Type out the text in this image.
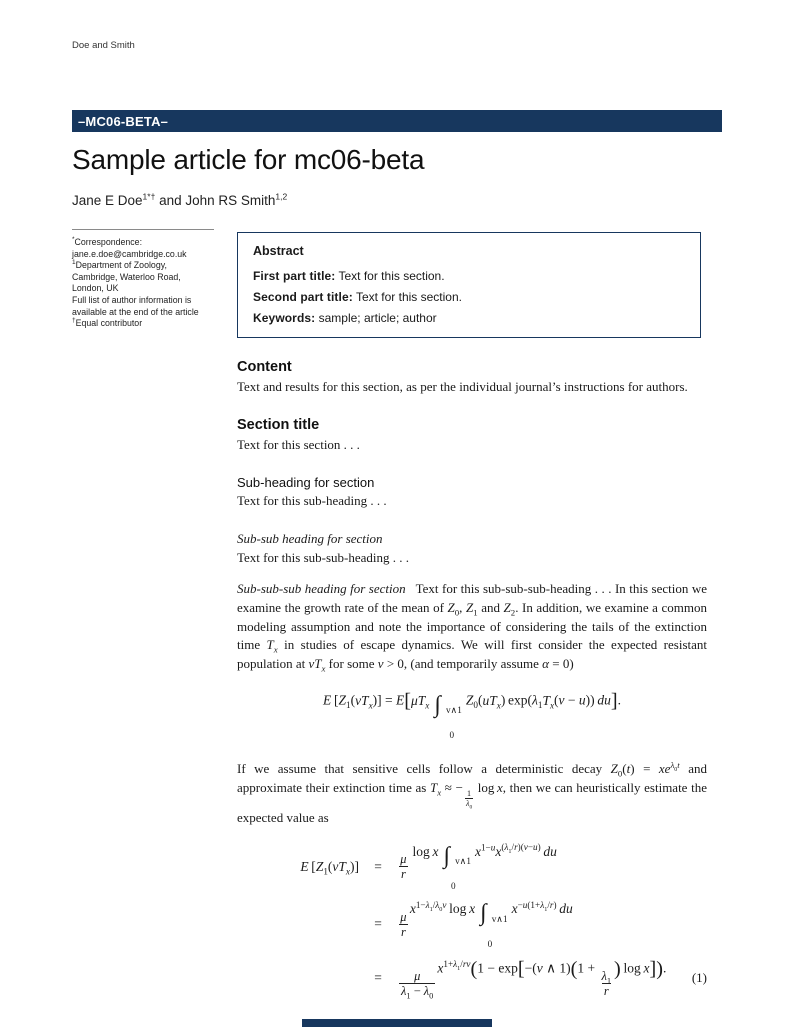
Doe and Smith
–MC06-BETA–
Sample article for mc06-beta
Jane E Doe$^{1*\dagger}$ and John RS Smith$^{1,2}$
*Correspondence:
jane.e.doe@cambridge.co.uk
$^1$Department of Zoology,
Cambridge, Waterloo Road,
London, UK
Full list of author information is
available at the end of the article
†Equal contributor
Abstract
First part title: Text for this section.
Second part title: Text for this section.
Keywords: sample; article; author
Content

Text and results for this section, as per the individual journal’s instructions for authors.

Section title

Text for this section . . .

Sub-heading for section

Text for this sub-heading . . .

Sub-sub heading for section

Text for this sub-sub-heading . . .

Sub-sub-sub heading for section Text for this sub-sub-sub-heading . . . In this section we examine the growth rate of the mean of $Z_0$, $Z_1$ and $Z_2$. In addition, we examine a common modeling assumption and note the importance of considering the tails of the extinction time $T_x$ in studies of escape dynamics. We will first consider the expected resistant population at $vT_x$ for some v > 0, (and temporarily assume α = 0)

E $[Z_1(vT_x)] = E[\mu T_x$ ∫ v∧1
0
$Z_0(uT_x) \exp(\lambda_1T_x(v - u))$ du].

If we assume that sensitive cells follow a deterministic decay $Z_0(t) = xe^{\lambda_0t}$ and approximate their extinction time as $T_x$ ≈ −
$\frac{1}{\lambda_0}$
 log x, then we can heuristically estimate the expected value as

E $[Z_1(vT_x)]$	=	$\frac{\mu}{r}$
 log x ∫ v∧1
0
$x^{1-u}x^{(\lambda_1/r)(v-u)}$  du
=	$\frac{\mu}{r}$
$x^{1-\lambda_1/\lambda_0v}$ log x ∫ v∧1
0
$x^{-u(1+\lambda_1/r)}$  du
=	$\frac{\mu}{\lambda_1 - \lambda_0}$
$x^{1+\lambda_1/rv}(1 - \exp[-(v$ ∧ 1)(1 +
$\frac{\lambda_1}{r}$
) log x]).
(1)
